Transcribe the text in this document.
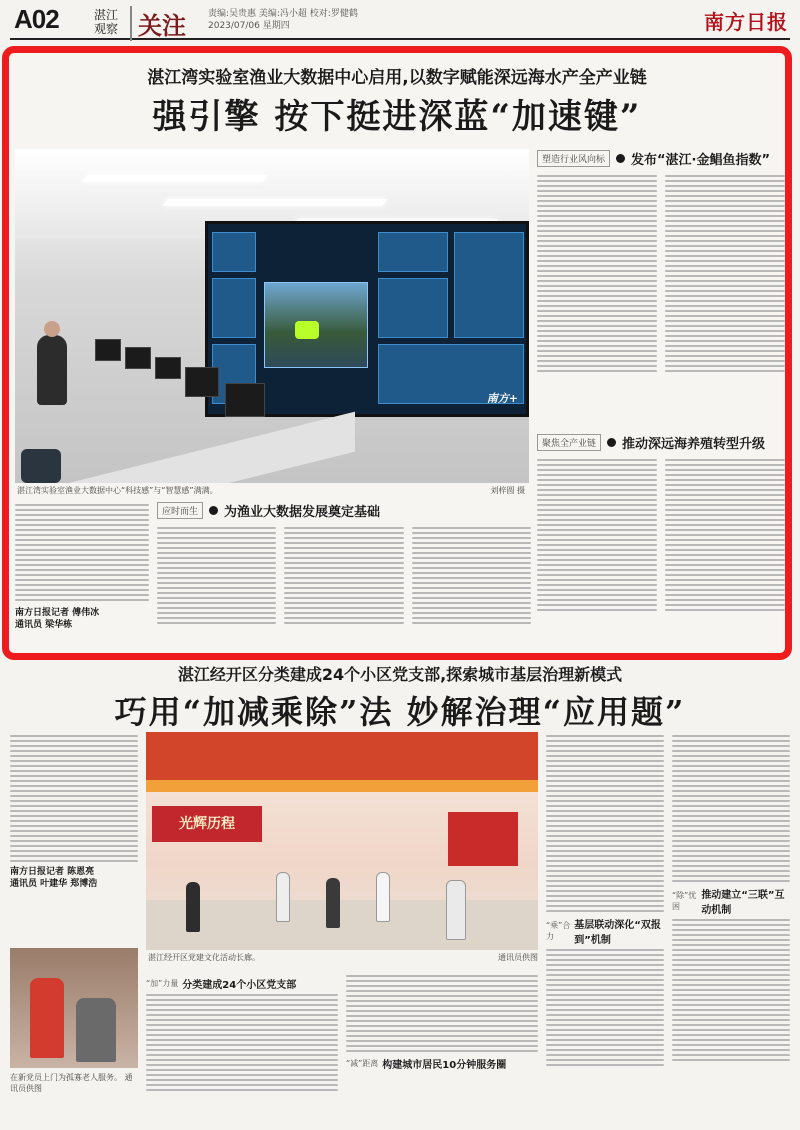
A02	湛江观察 关注 责编:吴贵惠 美编:冯小超 校对:罗健鹤
2023/07/06 星期四	南方日报
湛江湾实验室渔业大数据中心启用,以数字赋能深远海水产全产业链
强引擎 按下挺进深蓝“加速键”
南方+
湛江湾实验室渔业大数据中心“科技感”与“智慧感”满满。	刘梓圆 摄
塑造行业风向标	发布“湛江·金鲳鱼指数”
聚焦全产业链	推动深远海养殖转型升级
南方日报记者 傅伟冰
通讯员 梁华栋
应时而生	为渔业大数据发展奠定基础
湛江经开区分类建成24个小区党支部,探索城市基层治理新模式
巧用“加减乘除”法 妙解治理“应用题”
南方日报记者 陈恩亮
通讯员 叶建华 郑博浩
光辉历程
湛江经开区党建文化活动长廊。	通讯员供图
在新党员上门为孤寡老人服务。 通讯员供图
“加”力量 分类建成24个小区党支部
“减”距离 构建城市居民10分钟服务圈
“乘”合力
基层联动深化“双报到”机制
“除”忧困
推动建立“三联”互动机制
